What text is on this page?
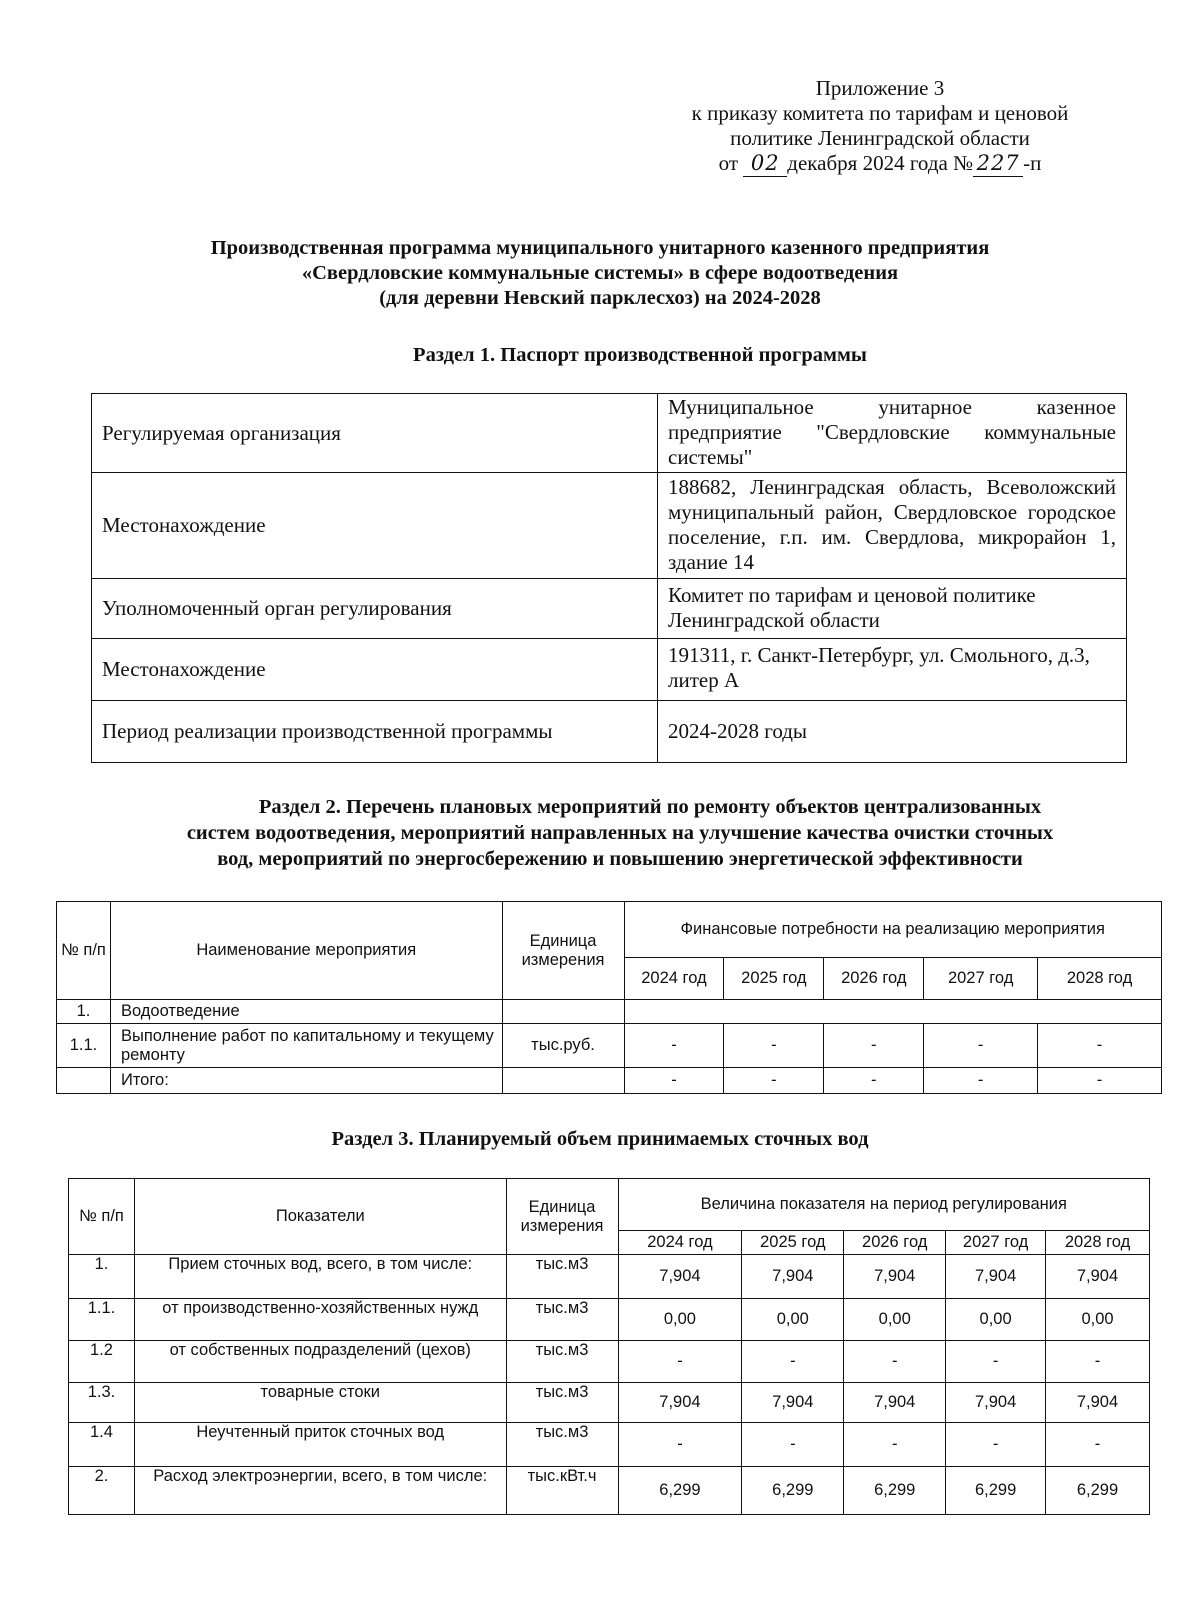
Приложение 3
к приказу комитета по тарифам и ценовой
политике Ленинградской области
от 02 декабря 2024 года № 227 -п
Производственная программа муниципального унитарного казенного предприятия
«Свердловские коммунальные системы» в сфере водоотведения
(для деревни Невский парклесхоз) на 2024-2028
Раздел 1. Паспорт производственной программы
Регулируемая организация	Муниципальное унитарное казенное предприятие "Свердловские коммунальные системы"
Местонахождение	188682, Ленинградская область, Всеволожский муниципальный район, Свердловское городское поселение, г.п. им. Свердлова, микрорайон 1, здание 14
Уполномоченный орган регулирования	Комитет по тарифам и ценовой политике Ленинградской области
Местонахождение	191311, г. Санкт-Петербург, ул. Смольного, д.3, литер А
Период реализации производственной программы	2024-2028 годы
Раздел 2. Перечень плановых мероприятий по ремонту объектов централизованных
систем водоотведения, мероприятий направленных на улучшение качества очистки сточных
вод, мероприятий по энергосбережению и повышению энергетической эффективности
№ п/п	Наименование мероприятия	Единица измерения	Финансовые потребности на реализацию мероприятия				
			2024 год	2025 год	2026 год	2027 год	2028 год
1.	Водоотведение						
1.1.	Выполнение работ по капитальному и текущему ремонту	тыс.руб.	-	-	-	-	-
	Итого:		-	-	-	-	-
Раздел 3. Планируемый объем принимаемых сточных вод
№ п/п	Показатели	Единица измерения	Величина показателя на период регулирования				
			2024 год	2025 год	2026 год	2027 год	2028 год
1.	Прием сточных вод, всего, в том числе:	тыс.м3	7,904	7,904	7,904	7,904	7,904
1.1.	от производственно-хозяйственных нужд	тыс.м3	0,00	0,00	0,00	0,00	0,00
1.2	от собственных подразделений (цехов)	тыс.м3	-	-	-	-	-
1.3.	товарные стоки	тыс.м3	7,904	7,904	7,904	7,904	7,904
1.4	Неучтенный приток сточных вод	тыс.м3	-	-	-	-	-
2.	Расход электроэнергии, всего, в том числе:	тыс.кВт.ч	6,299	6,299	6,299	6,299	6,299
